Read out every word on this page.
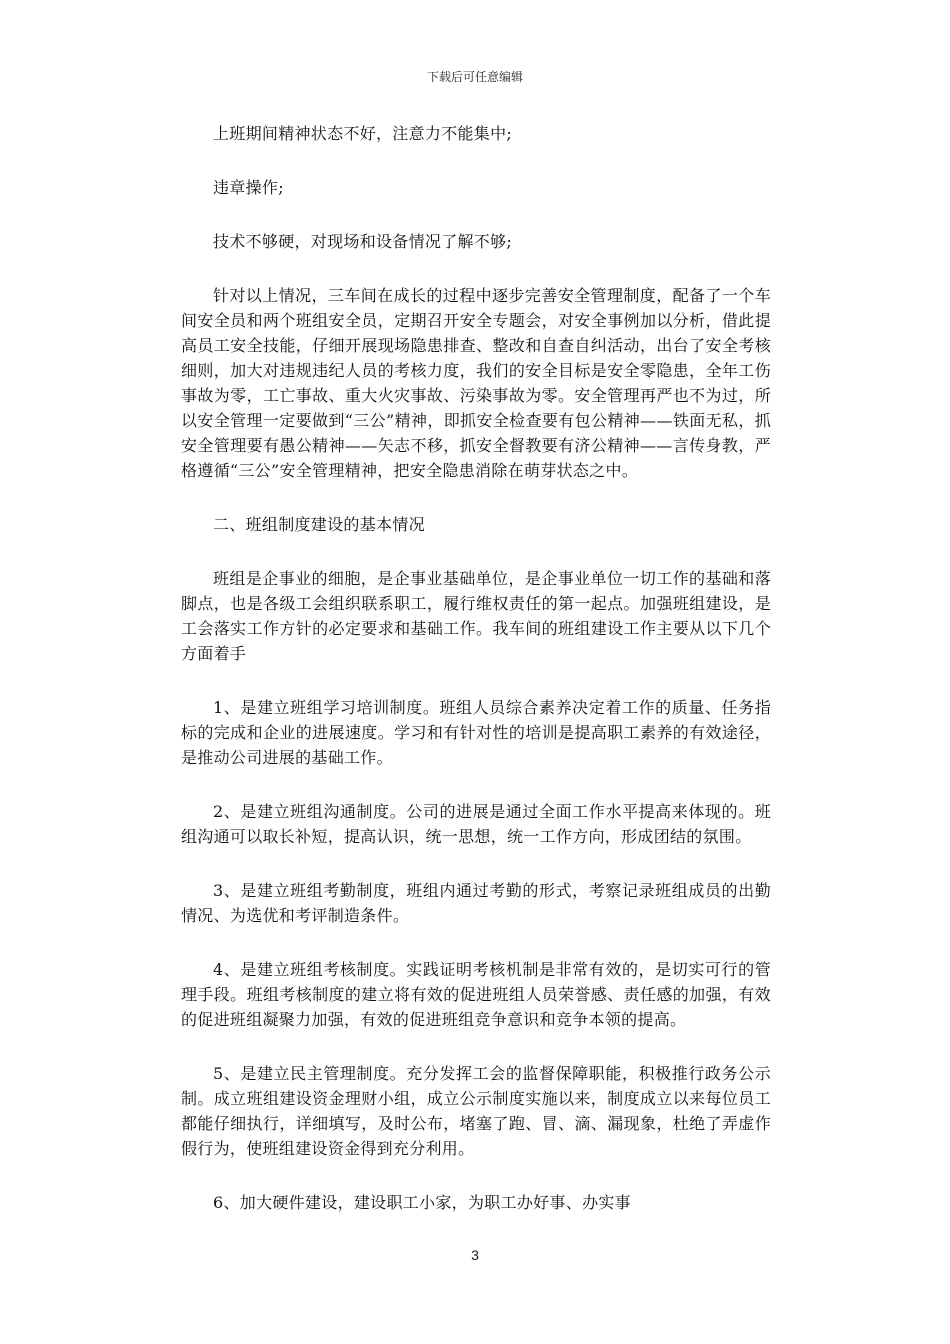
下载后可任意编辑

上班期间精神状态不好，注意力不能集中;

违章操作;

技术不够硬，对现场和设备情况了解不够;

针对以上情况，三车间在成长的过程中逐步完善安全管理制度，配备了一个车间安全员和两个班组安全员，定期召开安全专题会，对安全事例加以分析，借此提高员工安全技能，仔细开展现场隐患排查、整改和自查自纠活动，出台了安全考核细则，加大对违规违纪人员的考核力度，我们的安全目标是安全零隐患，全年工伤事故为零，工亡事故、重大火灾事故、污染事故为零。安全管理再严也不为过，所以安全管理一定要做到“三公”精神，即抓安全检查要有包公精神——铁面无私，抓安全管理要有愚公精神——矢志不移，抓安全督教要有济公精神——言传身教，严格遵循“三公”安全管理精神，把安全隐患消除在萌芽状态之中。

二、班组制度建设的基本情况

班组是企事业的细胞，是企事业基础单位，是企事业单位一切工作的基础和落脚点，也是各级工会组织联系职工，履行维权责任的第一起点。加强班组建设，是工会落实工作方针的必定要求和基础工作。我车间的班组建设工作主要从以下几个方面着手

1、是建立班组学习培训制度。班组人员综合素养决定着工作的质量、任务指标的完成和企业的进展速度。学习和有针对性的培训是提高职工素养的有效途径，是推动公司进展的基础工作。

2、是建立班组沟通制度。公司的进展是通过全面工作水平提高来体现的。班组沟通可以取长补短，提高认识，统一思想，统一工作方向，形成团结的氛围。

3、是建立班组考勤制度，班组内通过考勤的形式，考察记录班组成员的出勤情况、为选优和考评制造条件。

4、是建立班组考核制度。实践证明考核机制是非常有效的，是切实可行的管理手段。班组考核制度的建立将有效的促进班组人员荣誉感、责任感的加强，有效的促进班组凝聚力加强，有效的促进班组竞争意识和竞争本领的提高。

5、是建立民主管理制度。充分发挥工会的监督保障职能，积极推行政务公示制。成立班组建设资金理财小组，成立公示制度实施以来，制度成立以来每位员工都能仔细执行，详细填写，及时公布，堵塞了跑、冒、滴、漏现象，杜绝了弄虚作假行为，使班组建设资金得到充分利用。

6、加大硬件建设，建设职工小家，为职工办好事、办实事

3
